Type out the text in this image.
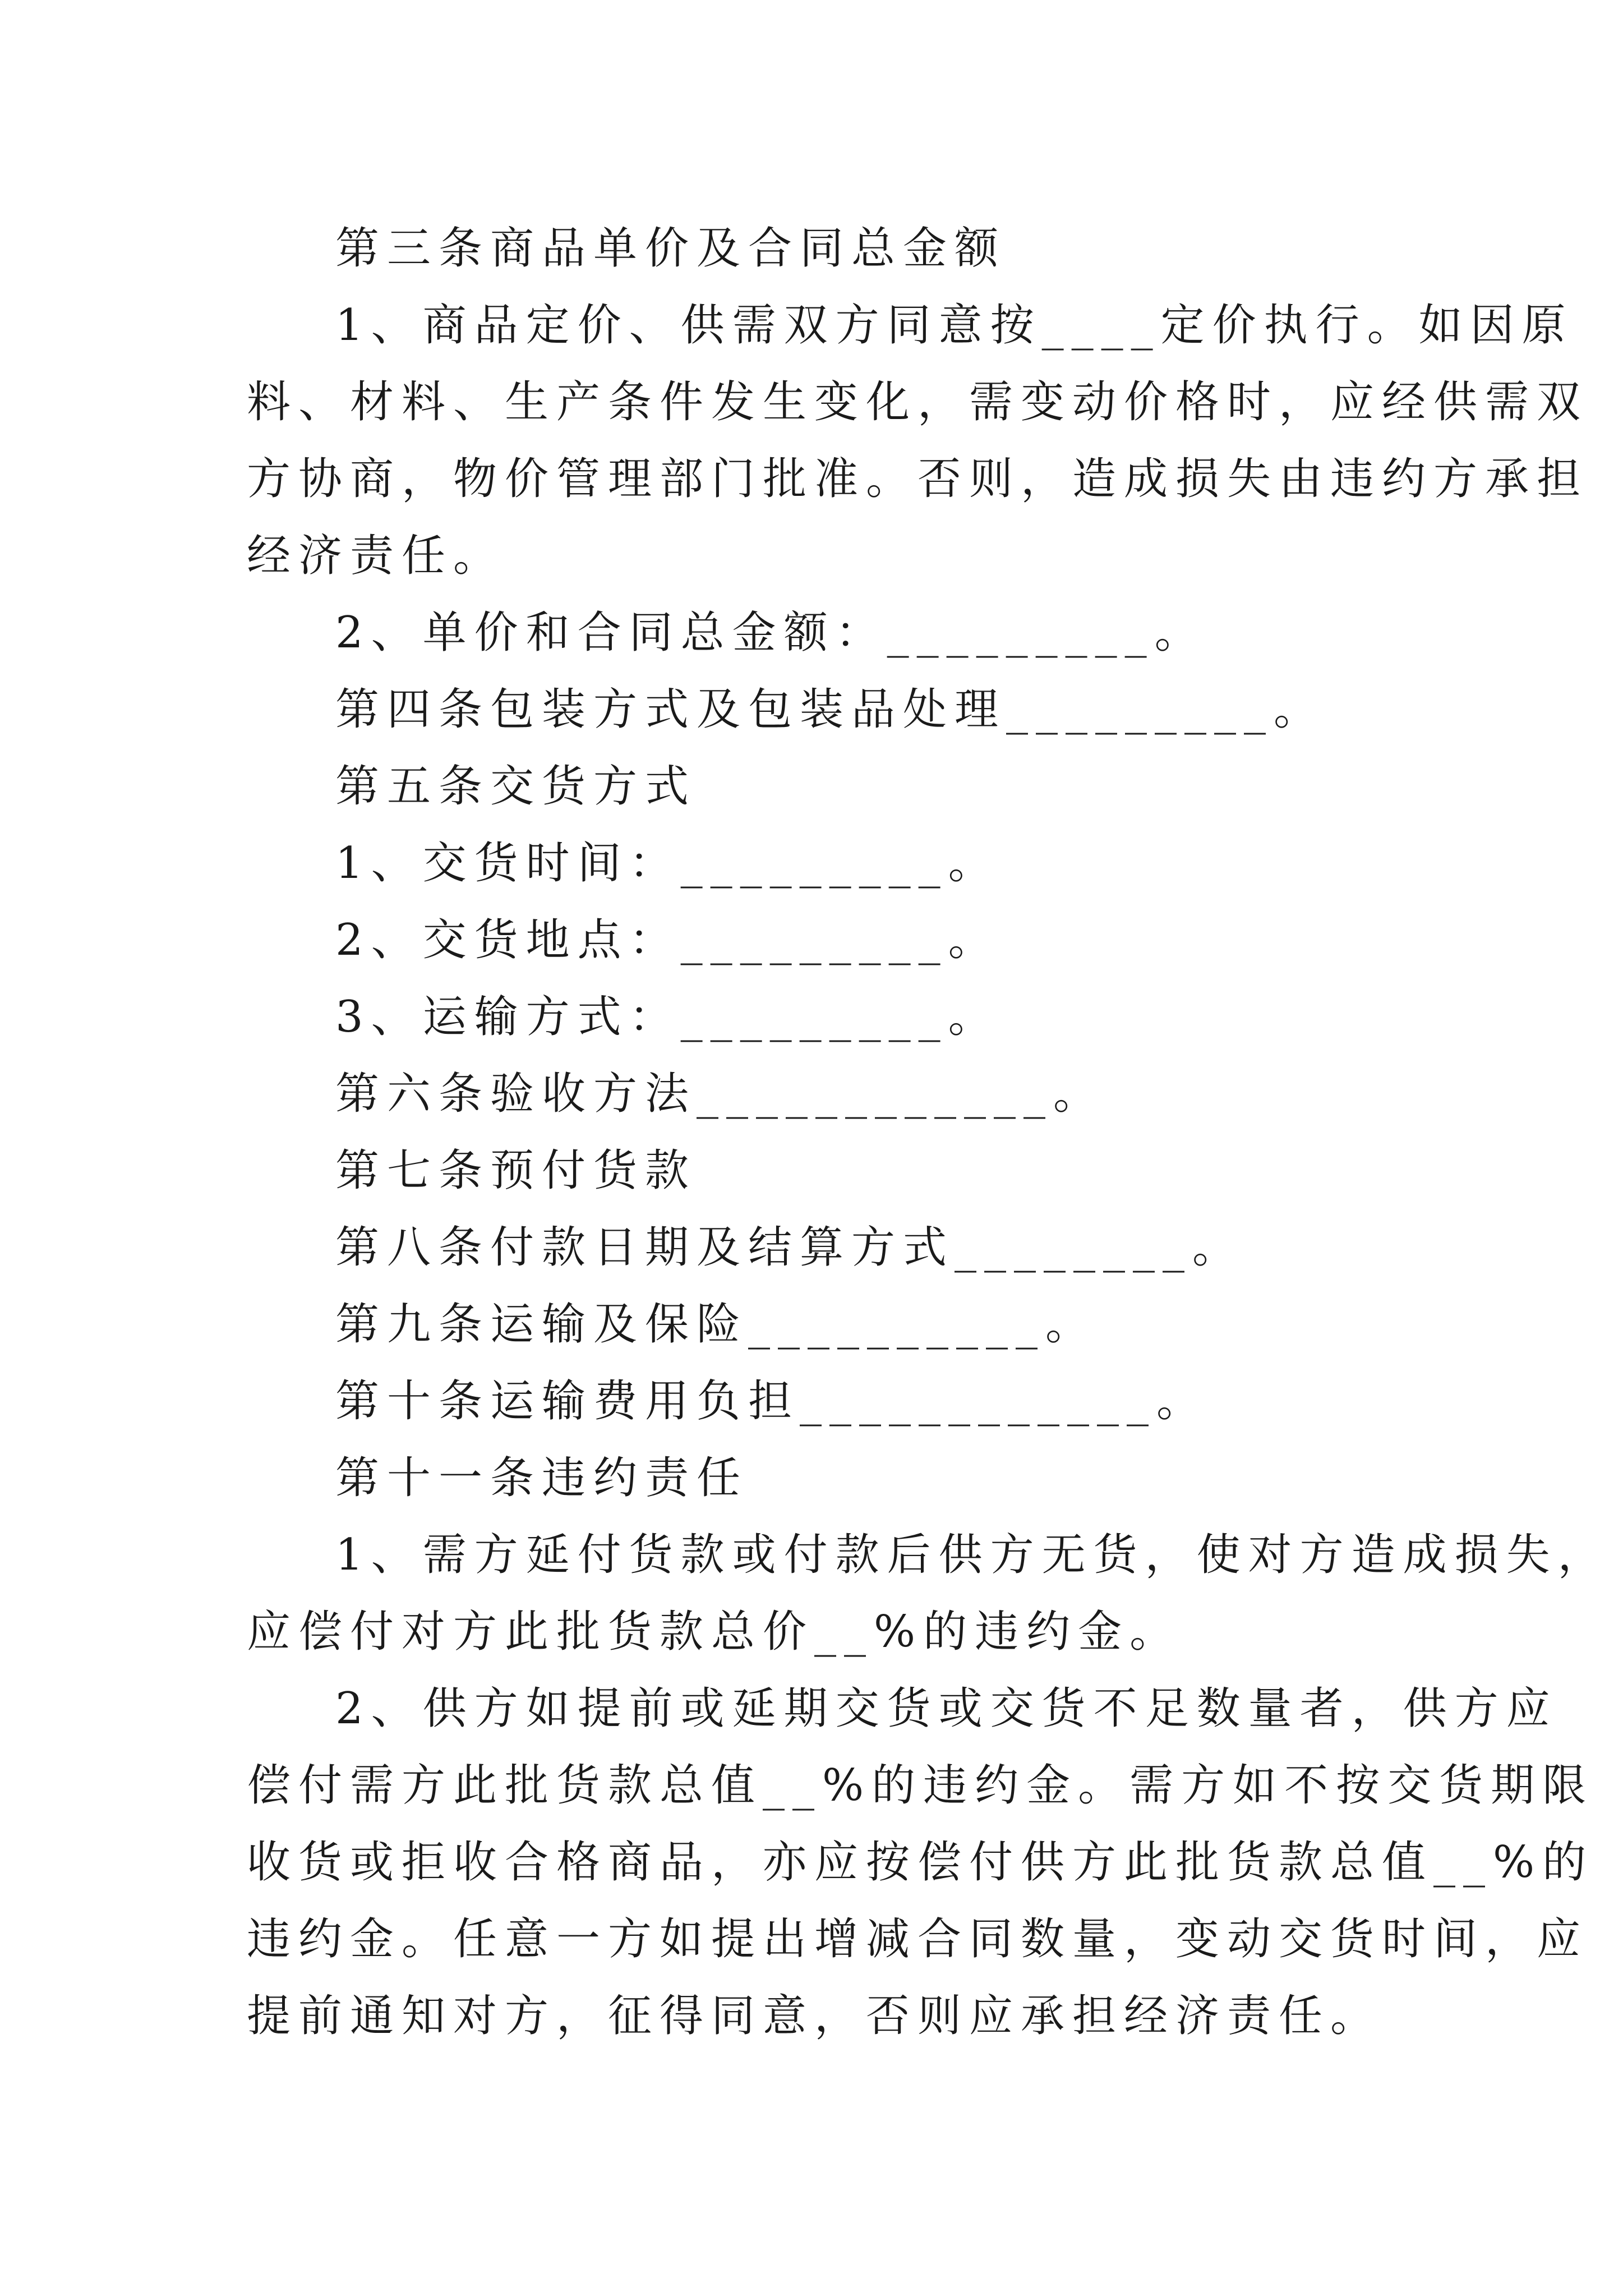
第三条商品单价及合同总金额

1、商品定价、供需双方同意按____定价执行。如因原

料、材料、生产条件发生变化，需变动价格时，应经供需双

方协商，物价管理部门批准。否则，造成损失由违约方承担

经济责任。

2、单价和合同总金额：_________。

第四条包装方式及包装品处理_________。

第五条交货方式

1、交货时间：_________。

2、交货地点：_________。

3、运输方式：_________。

第六条验收方法____________。

第七条预付货款

第八条付款日期及结算方式________。

第九条运输及保险__________。

第十条运输费用负担____________。

第十一条违约责任

1、需方延付货款或付款后供方无货，使对方造成损失，

应偿付对方此批货款总价__%的违约金。

2、供方如提前或延期交货或交货不足数量者，供方应

偿付需方此批货款总值__%的违约金。需方如不按交货期限

收货或拒收合格商品，亦应按偿付供方此批货款总值__%的

违约金。任意一方如提出增减合同数量，变动交货时间，应

提前通知对方，征得同意，否则应承担经济责任。
